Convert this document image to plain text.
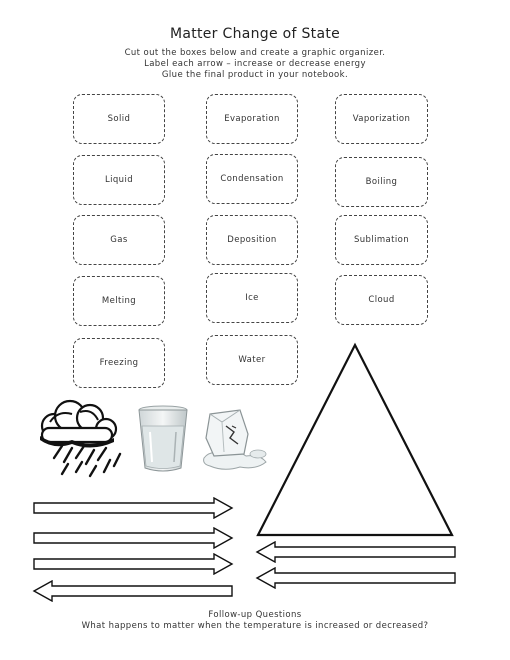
Matter Change of State
Cut out the boxes below and create a graphic organizer.
Label each arrow – increase or decrease energy
Glue the final product in your notebook.
Solid	Evaporation	Vaporization
Liquid	Condensation	Boiling
Gas	Deposition	Sublimation
Melting	Ice	Cloud
Freezing	Water
Follow-up Questions
What happens to matter when the temperature is increased or decreased?
